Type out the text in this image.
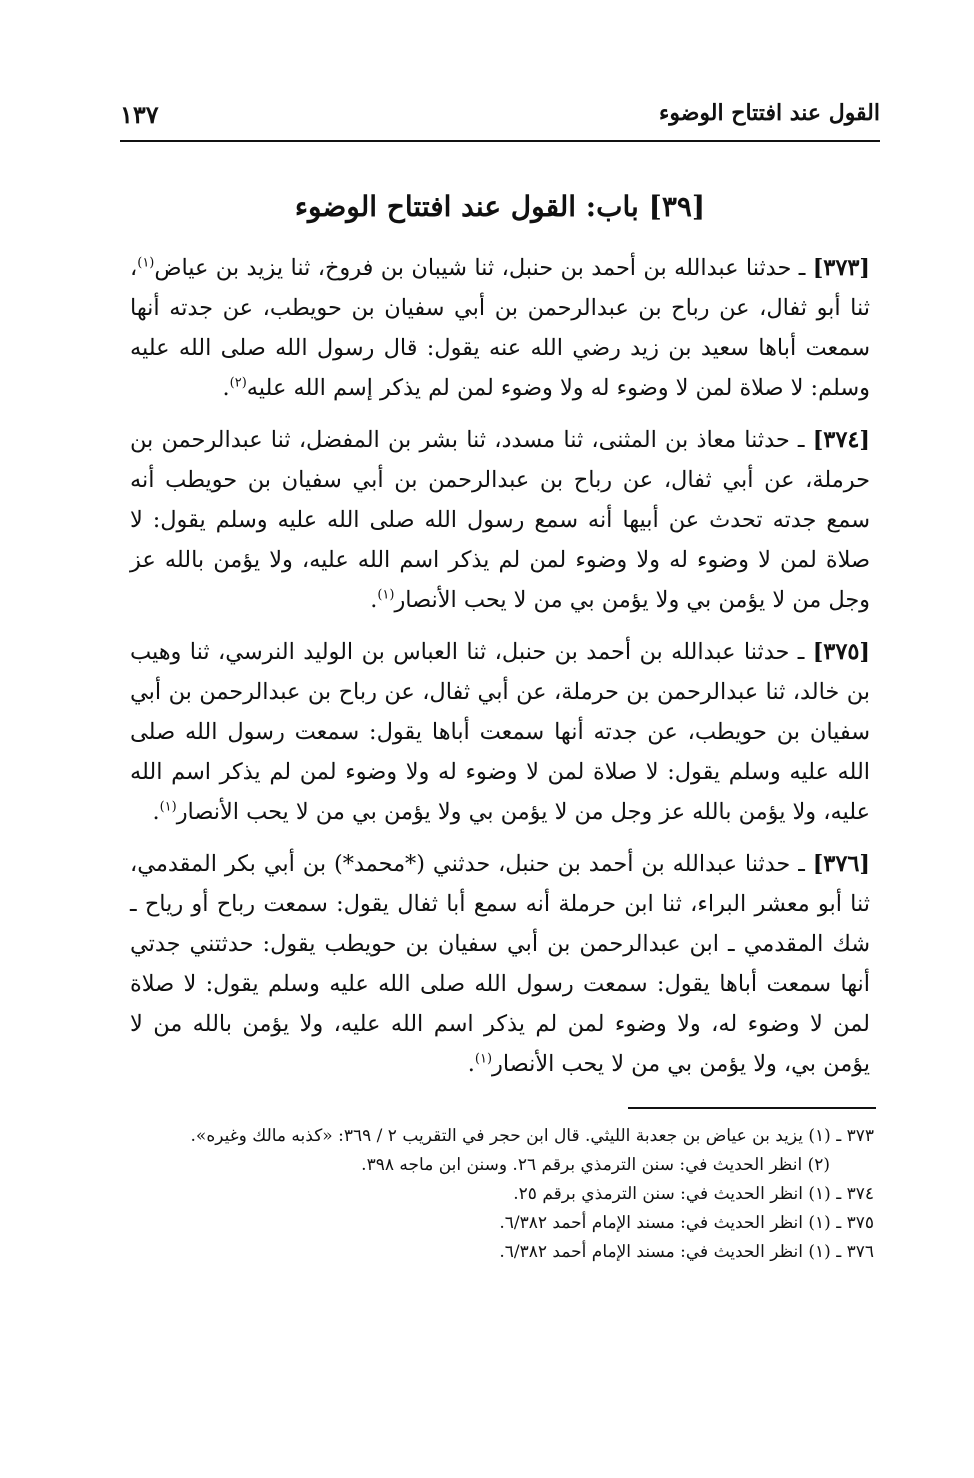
القول عند افتتاح الوضوء
١٣٧
[٣٩] باب: القول عند افتتاح الوضوء

[٣٧٣] ـ حدثنا عبدالله بن أحمد بن حنبل، ثنا شيبان بن فروخ، ثنا يزيد بن عياض$^{(١)}$، ثنا أبو ثفال، عن رباح بن عبدالرحمن بن أبي سفيان بن حويطب، عن جدته أنها سمعت أباها سعيد بن زيد رضي الله عنه يقول: قال رسول الله صلى الله عليه وسلم: لا صلاة لمن لا وضوء له ولا وضوء لمن لم يذكر إسم الله عليه$^{(٢)}$.

[٣٧٤] ـ حدثنا معاذ بن المثنى، ثنا مسدد، ثنا بشر بن المفضل، ثنا عبدالرحمن بن حرملة، عن أبي ثفال، عن رباح بن عبدالرحمن بن أبي سفيان بن حويطب أنه سمع جدته تحدث عن أبيها أنه سمع رسول الله صلى الله عليه وسلم يقول: لا صلاة لمن لا وضوء له ولا وضوء لمن لم يذكر اسم الله عليه، ولا يؤمن بالله عز وجل من لا يؤمن بي ولا يؤمن بي من لا يحب الأنصار$^{(١)}$.

[٣٧٥] ـ حدثنا عبدالله بن أحمد بن حنبل، ثنا العباس بن الوليد النرسي، ثنا وهيب بن خالد، ثنا عبدالرحمن بن حرملة، عن أبي ثفال، عن رباح بن عبدالرحمن بن أبي سفيان بن حويطب، عن جدته أنها سمعت أباها يقول: سمعت رسول الله صلى الله عليه وسلم يقول: لا صلاة لمن لا وضوء له ولا وضوء لمن لم يذكر اسم الله عليه، ولا يؤمن بالله عز وجل من لا يؤمن بي ولا يؤمن بي من لا يحب الأنصار$^{(١)}$.

[٣٧٦] ـ حدثنا عبدالله بن أحمد بن حنبل، حدثني (*محمد*) بن أبي بكر المقدمي، ثنا أبو معشر البراء، ثنا ابن حرملة أنه سمع أبا ثفال يقول: سمعت رباح أو رياح ـ شك المقدمي ـ ابن عبدالرحمن بن أبي سفيان بن حويطب يقول: حدثتني جدتي أنها سمعت أباها يقول: سمعت رسول الله صلى الله عليه وسلم يقول: لا صلاة لمن لا وضوء له، ولا وضوء لمن لم يذكر اسم الله عليه، ولا يؤمن بالله من لا يؤمن بي، ولا يؤمن بي من لا يحب الأنصار$^{(١)}$.

٣٧٣ ـ (١) يزيد بن عياض بن جعدبة الليثي. قال ابن حجر في التقريب ٢ / ٣٦٩: «كذبه مالك وغيره».

(٢) انظر الحديث في: سنن الترمذي برقم ٢٦. وسنن ابن ماجه ٣٩٨.

٣٧٤ ـ (١) انظر الحديث في: سنن الترمذي برقم ٢٥.

٣٧٥ ـ (١) انظر الحديث في: مسند الإمام أحمد ٦/٣٨٢.

٣٧٦ ـ (١) انظر الحديث في: مسند الإمام أحمد ٦/٣٨٢.
